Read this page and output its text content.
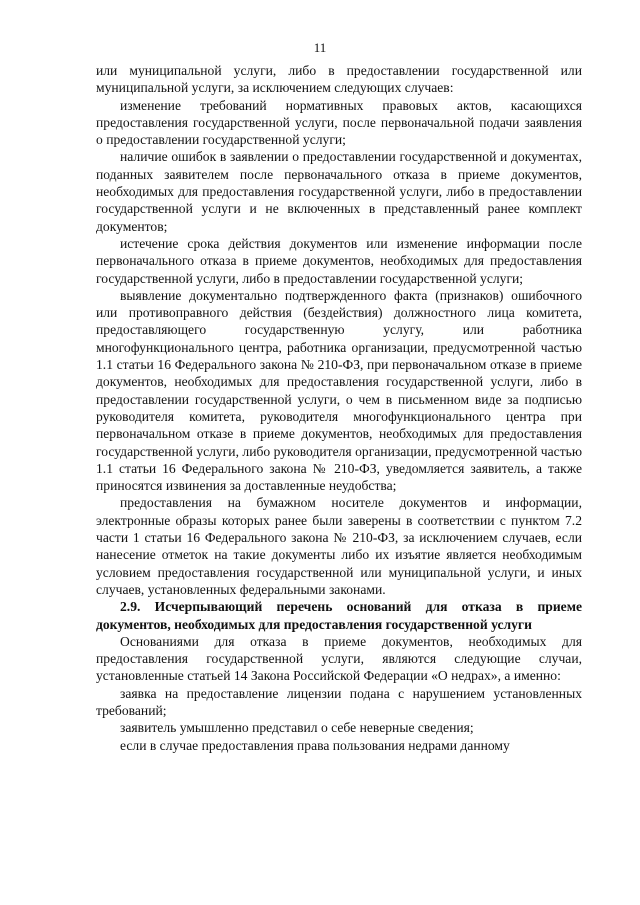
11

или муниципальной услуги, либо в предоставлении государственной или муниципальной услуги, за исключением следующих случаев:

изменение требований нормативных правовых актов, касающихся предоставления государственной услуги, после первоначальной подачи заявления о предоставлении государственной услуги;

наличие ошибок в заявлении о предоставлении государственной и документах, поданных заявителем после первоначального отказа в приеме документов, необходимых для предоставления государственной услуги, либо в предоставлении государственной услуги и не включенных в представленный ранее комплект документов;

истечение срока действия документов или изменение информации после первоначального отказа в приеме документов, необходимых для предоставления государственной услуги, либо в предоставлении государственной услуги;

выявление документально подтвержденного факта (признаков) ошибочного или противоправного действия (бездействия) должностного лица комитета, предоставляющего государственную услугу, или работника многофункционального центра, работника организации, предусмотренной частью 1.1 статьи 16 Федерального закона № 210-ФЗ, при первоначальном отказе в приеме документов, необходимых для предоставления государственной услуги, либо в предоставлении государственной услуги, о чем в письменном виде за подписью руководителя комитета, руководителя многофункционального центра при первоначальном отказе в приеме документов, необходимых для предоставления государственной услуги, либо руководителя организации, предусмотренной частью 1.1 статьи 16 Федерального закона № 210-ФЗ, уведомляется заявитель, а также приносятся извинения за доставленные неудобства;

предоставления на бумажном носителе документов и информации, электронные образы которых ранее были заверены в соответствии с пунктом 7.2 части 1 статьи 16 Федерального закона № 210-ФЗ, за исключением случаев, если нанесение отметок на такие документы либо их изъятие является необходимым условием предоставления государственной или муниципальной услуги, и иных случаев, установленных федеральными законами.

2.9. Исчерпывающий перечень оснований для отказа в приеме документов, необходимых для предоставления государственной услуги

Основаниями для отказа в приеме документов, необходимых для предоставления государственной услуги, являются следующие случаи, установленные статьей 14 Закона Российской Федерации «О недрах», а именно:

заявка на предоставление лицензии подана с нарушением установленных требований;

заявитель умышленно представил о себе неверные сведения;

если в случае предоставления права пользования недрами данному
